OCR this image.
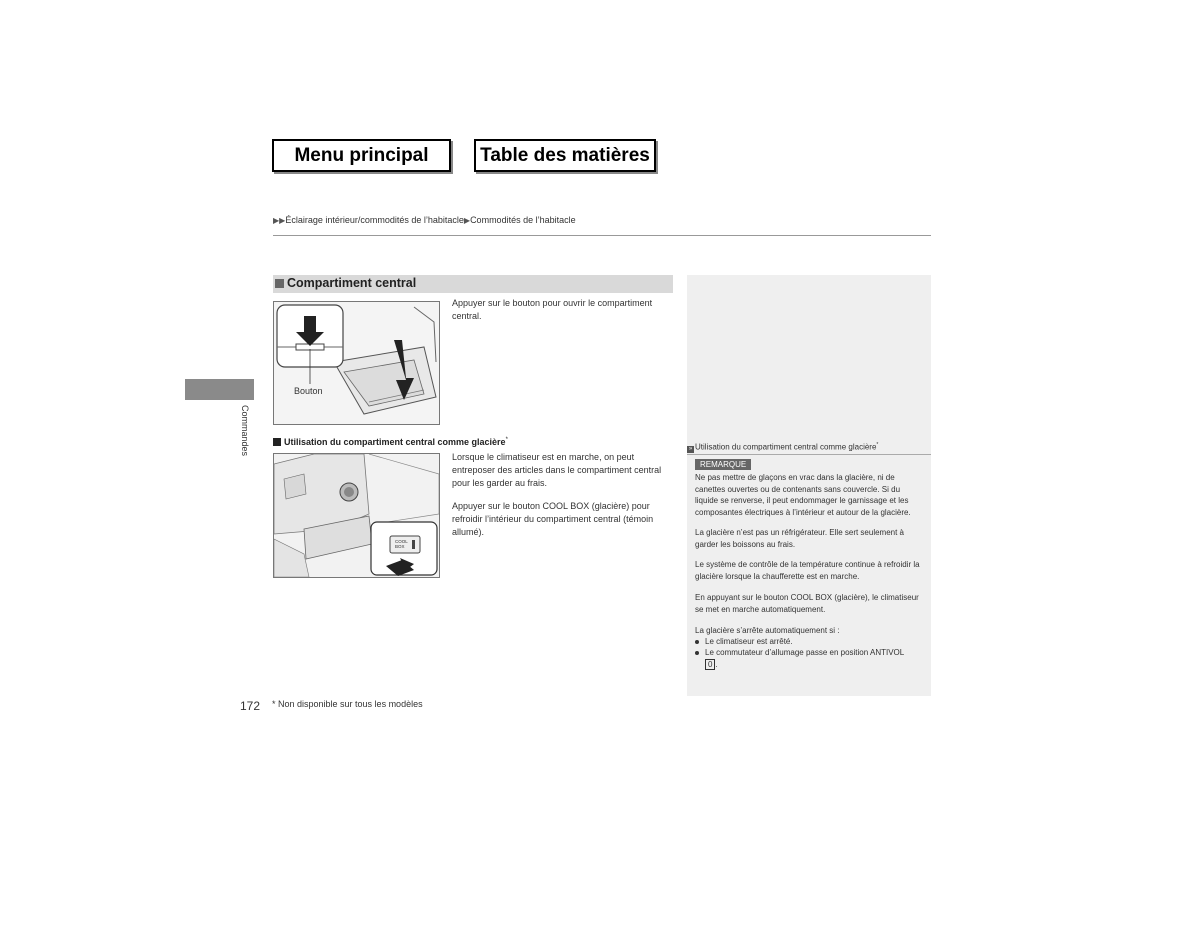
Menu principal	Table des matières
▶▶Éclairage intérieur/commodités de l’habitacle▶Commodités de l’habitacle
Commandes
Compartiment central
Bouton
Appuyer sur le bouton pour ouvrir le compartiment central.
Utilisation du compartiment central comme glacière*
COOL BOX
Lorsque le climatiseur est en marche, on peut entreposer des articles dans le compartiment central pour les garder au frais.
Appuyer sur le bouton COOL BOX (glacière) pour refroidir l’intérieur du compartiment central (témoin allumé).
» Utilisation du compartiment central comme glacière*
REMARQUE
Ne pas mettre de glaçons en vrac dans la glacière, ni de canettes ouvertes ou de contenants sans couvercle. Si du liquide se renverse, il peut endommager le garnissage et les composantes électriques à l’intérieur et autour de la glacière.
La glacière n’est pas un réfrigérateur. Elle sert seulement à garder les boissons au frais.
Le système de contrôle de la température continue à refroidir la glacière lorsque la chaufferette est en marche.
En appuyant sur le bouton COOL BOX (glacière), le climatiseur se met en marche automatiquement.
La glacière s’arrête automatiquement si :
Le climatiseur est arrêté.
Le commutateur d’allumage passe en position ANTIVOL
0 .
172 * Non disponible sur tous les modèles
